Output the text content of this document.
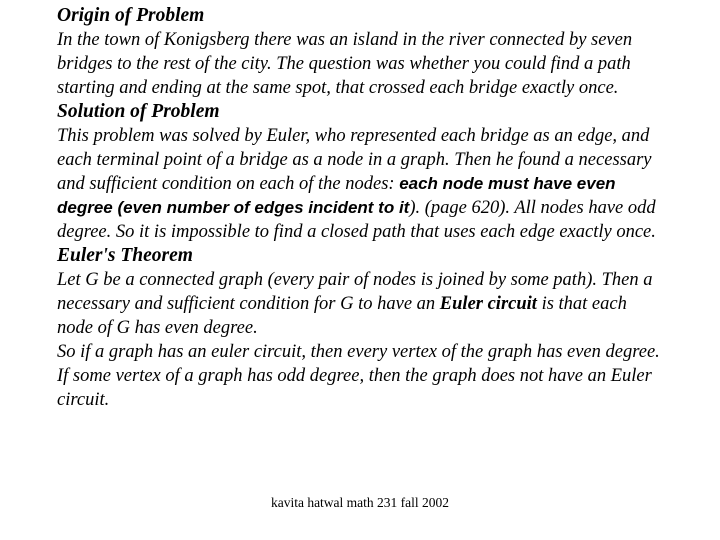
Origin of Problem
In the town of Konigsberg there was an island in the river connected by seven
bridges to the rest of the city. The question was whether you could find a path
starting and ending at the same spot, that crossed each bridge exactly once.
Solution of Problem
This problem was solved by Euler, who represented each bridge as an edge, and
each terminal point of a bridge as a node in a graph. Then he found a necessary
and sufficient condition on each of the nodes: each node must have even
degree (even number of edges incident to it). (page 620). All nodes have odd
degree. So it is impossible to find a closed path that uses each edge exactly once.
Euler's Theorem
Let G be a connected graph (every pair of nodes is joined by some path). Then a
necessary and sufficient condition for G to have an Euler circuit is that each
node of G has even degree.
So if a graph has an euler circuit, then every vertex of the graph has even degree.
If some vertex of a graph has odd degree, then the graph does not have an Euler
circuit.
kavita hatwal math 231 fall 2002
